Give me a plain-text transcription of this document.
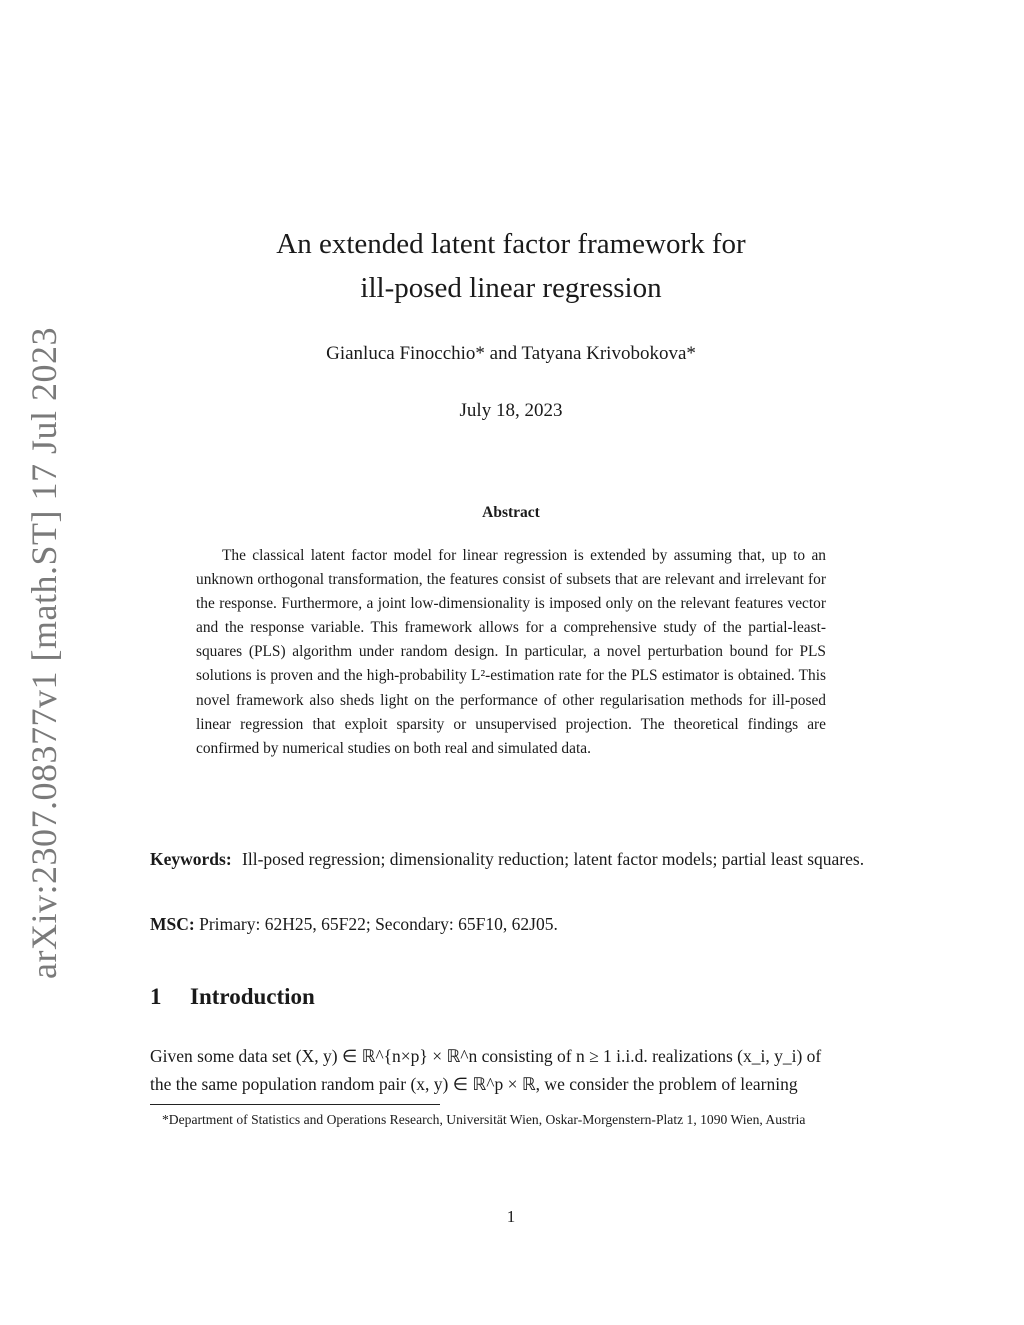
arXiv:2307.08377v1 [math.ST] 17 Jul 2023
An extended latent factor framework for
ill-posed linear regression
Gianluca Finocchio* and Tatyana Krivobokova*
July 18, 2023
Abstract

The classical latent factor model for linear regression is extended by assuming that, up to an unknown orthogonal transformation, the features consist of subsets that are relevant and irrelevant for the response. Furthermore, a joint low-dimensionality is imposed only on the relevant features vector and the response variable. This framework allows for a comprehensive study of the partial-least-squares (PLS) algorithm under random design. In particular, a novel perturbation bound for PLS solutions is proven and the high-probability L²-estimation rate for the PLS estimator is obtained. This novel framework also sheds light on the performance of other regularisation methods for ill-posed linear regression that exploit sparsity or unsupervised projection. The theoretical findings are confirmed by numerical studies on both real and simulated data.

Keywords: Ill-posed regression; dimensionality reduction; latent factor models; partial least squares.

MSC: Primary: 62H25, 65F22; Secondary: 65F10, 62J05.

1 Introduction

Given some data set (X, y) ∈ ℝ^{n×p} × ℝ^n consisting of n ≥ 1 i.i.d. realizations (x_i, y_i) of
the the same population random pair (x, y) ∈ ℝ^p × ℝ, we consider the problem of learning

*Department of Statistics and Operations Research, Universität Wien, Oskar-Morgenstern-Platz 1, 1090 Wien, Austria

1
